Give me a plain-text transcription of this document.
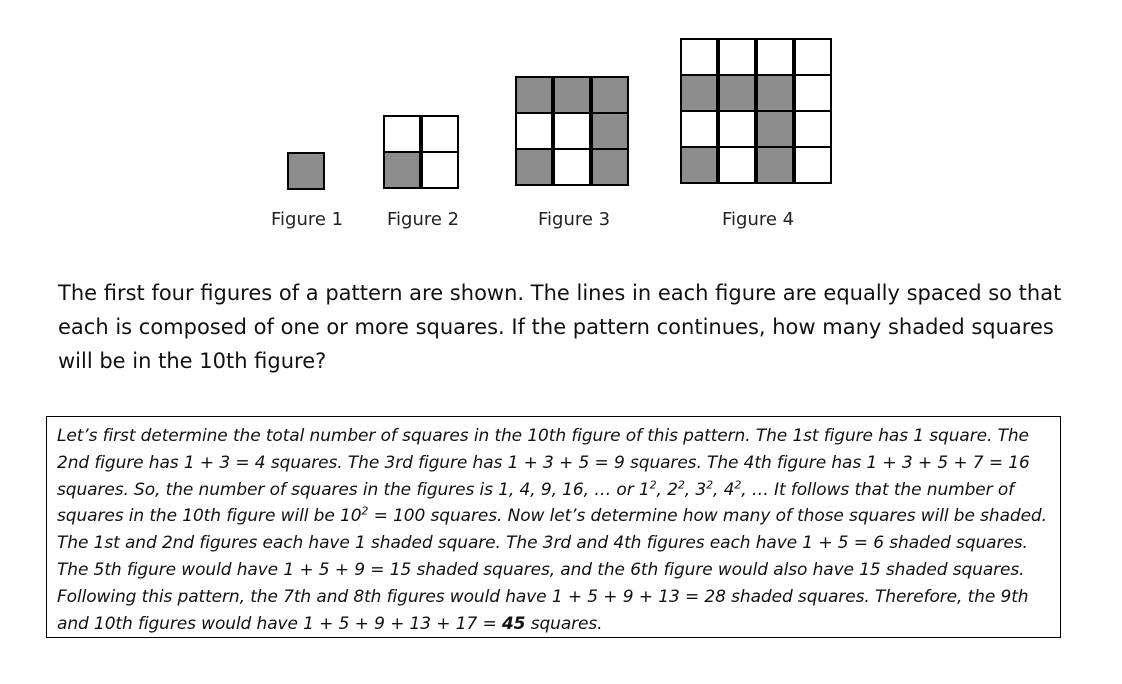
Figure 1 Figure 2	Figure 3	Figure 4
The first four figures of a pattern are shown. The lines in each figure are equally spaced so that each is composed of one or more squares. If the pattern continues, how many shaded squares will be in the 10th figure?
Let’s first determine the total number of squares in the 10th figure of this pattern. The 1st figure has 1 square. The 2nd figure has 1 + 3 = 4 squares. The 3rd figure has 1 + 3 + 5 = 9 squares. The 4th figure has 1 + 3 + 5 + 7 = 16 squares. So, the number of squares in the figures is 1, 4, 9, 16, … or $1^2$, $2^2$, $3^2$, $4^2$, … It follows that the number of squares in the 10th figure will be $10^2 = 100$ squares. Now let’s determine how many of those squares will be shaded. The 1st and 2nd figures each have 1 shaded square. The 3rd and 4th figures each have 1 + 5 = 6 shaded squares. The 5th figure would have 1 + 5 + 9 = 15 shaded squares, and the 6th figure would also have 15 shaded squares. Following this pattern, the 7th and 8th figures would have 1 + 5 + 9 + 13 = 28 shaded squares. Therefore, the 9th and 10th figures would have 1 + 5 + 9 + 13 + 17 = 45 squares.
